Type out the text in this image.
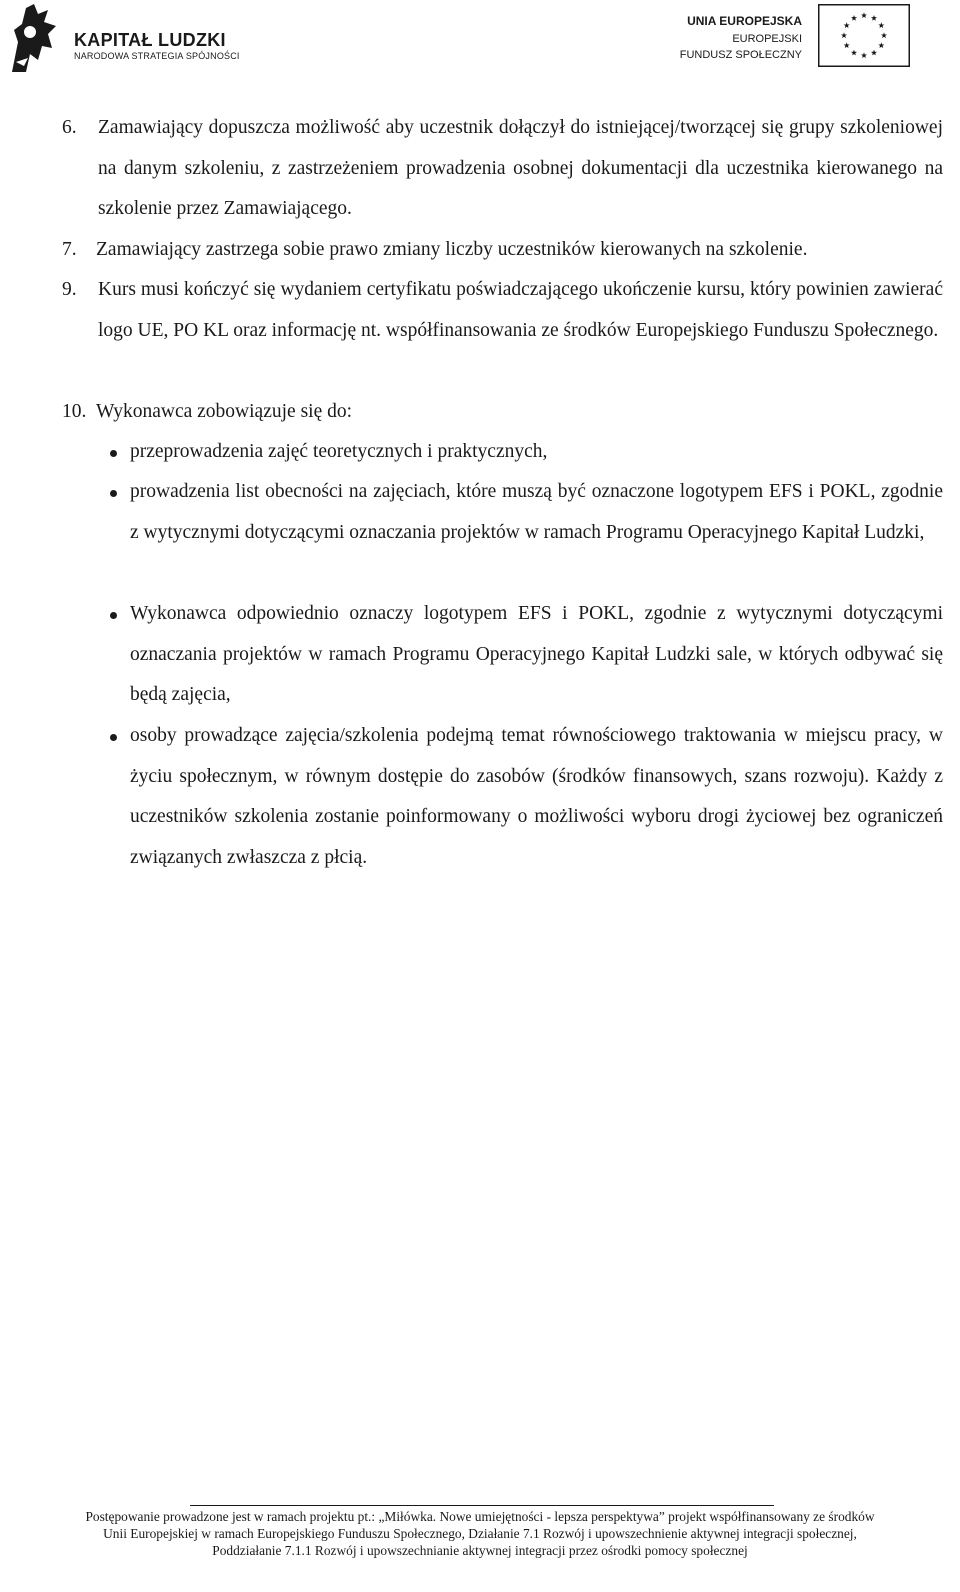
KAPITAŁ LUDZKI
NARODOWA STRATEGIA SPÓJNOŚCI
UNIA EUROPEJSKA
EUROPEJSKI
FUNDUSZ SPOŁECZNY
6. Zamawiający dopuszcza możliwość aby uczestnik dołączył do istniejącej/tworzącej się grupy szkoleniowej na danym szkoleniu, z zastrzeżeniem prowadzenia osobnej dokumentacji dla uczestnika kierowanego na szkolenie przez Zamawiającego.
7. Zamawiający zastrzega sobie prawo zmiany liczby uczestników kierowanych na szkolenie.
9. Kurs musi kończyć się wydaniem certyfikatu poświadczającego ukończenie kursu, który powinien zawierać logo UE, PO KL oraz informację nt. współfinansowania ze środków Europejskiego Funduszu Społecznego.
10. Wykonawca zobowiązuje się do:
przeprowadzenia zajęć teoretycznych i praktycznych,
prowadzenia list obecności na zajęciach, które muszą być oznaczone logotypem EFS i POKL, zgodnie z wytycznymi dotyczącymi oznaczania projektów w ramach Programu Operacyjnego Kapitał Ludzki,
Wykonawca odpowiednio oznaczy logotypem EFS i POKL, zgodnie z wytycznymi dotyczącymi oznaczania projektów w ramach Programu Operacyjnego Kapitał Ludzki sale, w których odbywać się będą zajęcia,
osoby prowadzące zajęcia/szkolenia podejmą temat równościowego traktowania w miejscu pracy, w życiu społecznym, w równym dostępie do zasobów (środków finansowych, szans rozwoju). Każdy z uczestników szkolenia zostanie poinformowany o możliwości wyboru drogi życiowej bez ograniczeń związanych zwłaszcza z płcią.
Postępowanie prowadzone jest w ramach projektu pt.: „Miłówka. Nowe umiejętności - lepsza perspektywa” projekt współfinansowany ze środków
Unii Europejskiej w ramach Europejskiego Funduszu Społecznego, Działanie 7.1 Rozwój i upowszechnienie aktywnej integracji społecznej,
Poddziałanie 7.1.1 Rozwój i upowszechnianie aktywnej integracji przez ośrodki pomocy społecznej
